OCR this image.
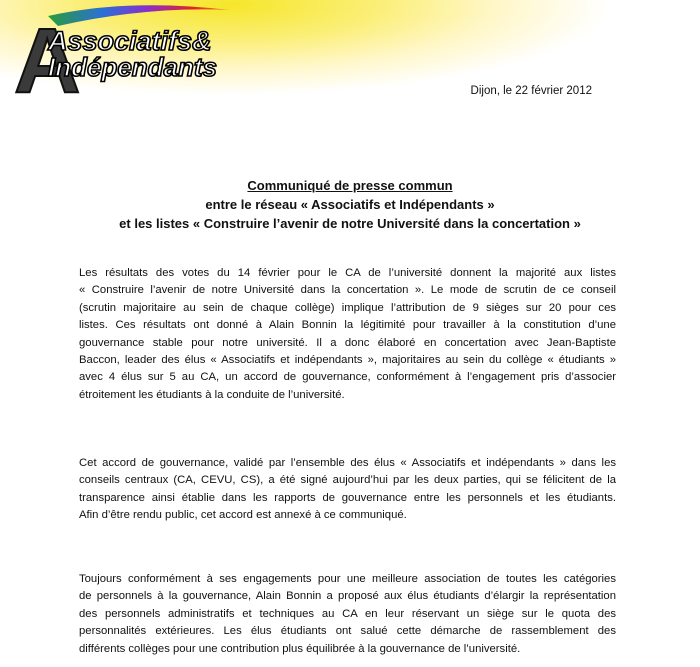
A
Associatifs&
Indépendants
Dijon, le 22 février 2012
Communiqué de presse commun
entre le réseau « Associatifs et Indépendants »
et les listes « Construire l’avenir de notre Université dans la concertation »
Les résultats des votes du 14 février pour le CA de l’université donnent la majorité aux listes
« Construire l’avenir de notre Université dans la concertation ». Le mode de scrutin de ce conseil
(scrutin majoritaire au sein de chaque collège) implique l’attribution de 9 sièges sur 20 pour ces
listes. Ces résultats ont donné à Alain Bonnin la légitimité pour travailler à la constitution d’une
gouvernance stable pour notre université. Il a donc élaboré en concertation avec Jean-Baptiste
Baccon, leader des élus « Associatifs et indépendants », majoritaires au sein du collège « étudiants »
avec 4 élus sur 5 au CA, un accord de gouvernance, conformément à l’engagement pris d’associer
étroitement les étudiants à la conduite de l’université.
Cet accord de gouvernance, validé par l’ensemble des élus « Associatifs et indépendants » dans les
conseils centraux (CA, CEVU, CS), a été signé aujourd’hui par les deux parties, qui se félicitent de la
transparence ainsi établie dans les rapports de gouvernance entre les personnels et les étudiants.
Afin d’être rendu public, cet accord est annexé à ce communiqué.
Toujours conformément à ses engagements pour une meilleure association de toutes les catégories
de personnels à la gouvernance, Alain Bonnin a proposé aux élus étudiants d’élargir la représentation
des personnels administratifs et techniques au CA en leur réservant un siège sur le quota des
personnalités extérieures. Les élus étudiants ont salué cette démarche de rassemblement des
différents collèges pour une contribution plus équilibrée à la gouvernance de l’université.
